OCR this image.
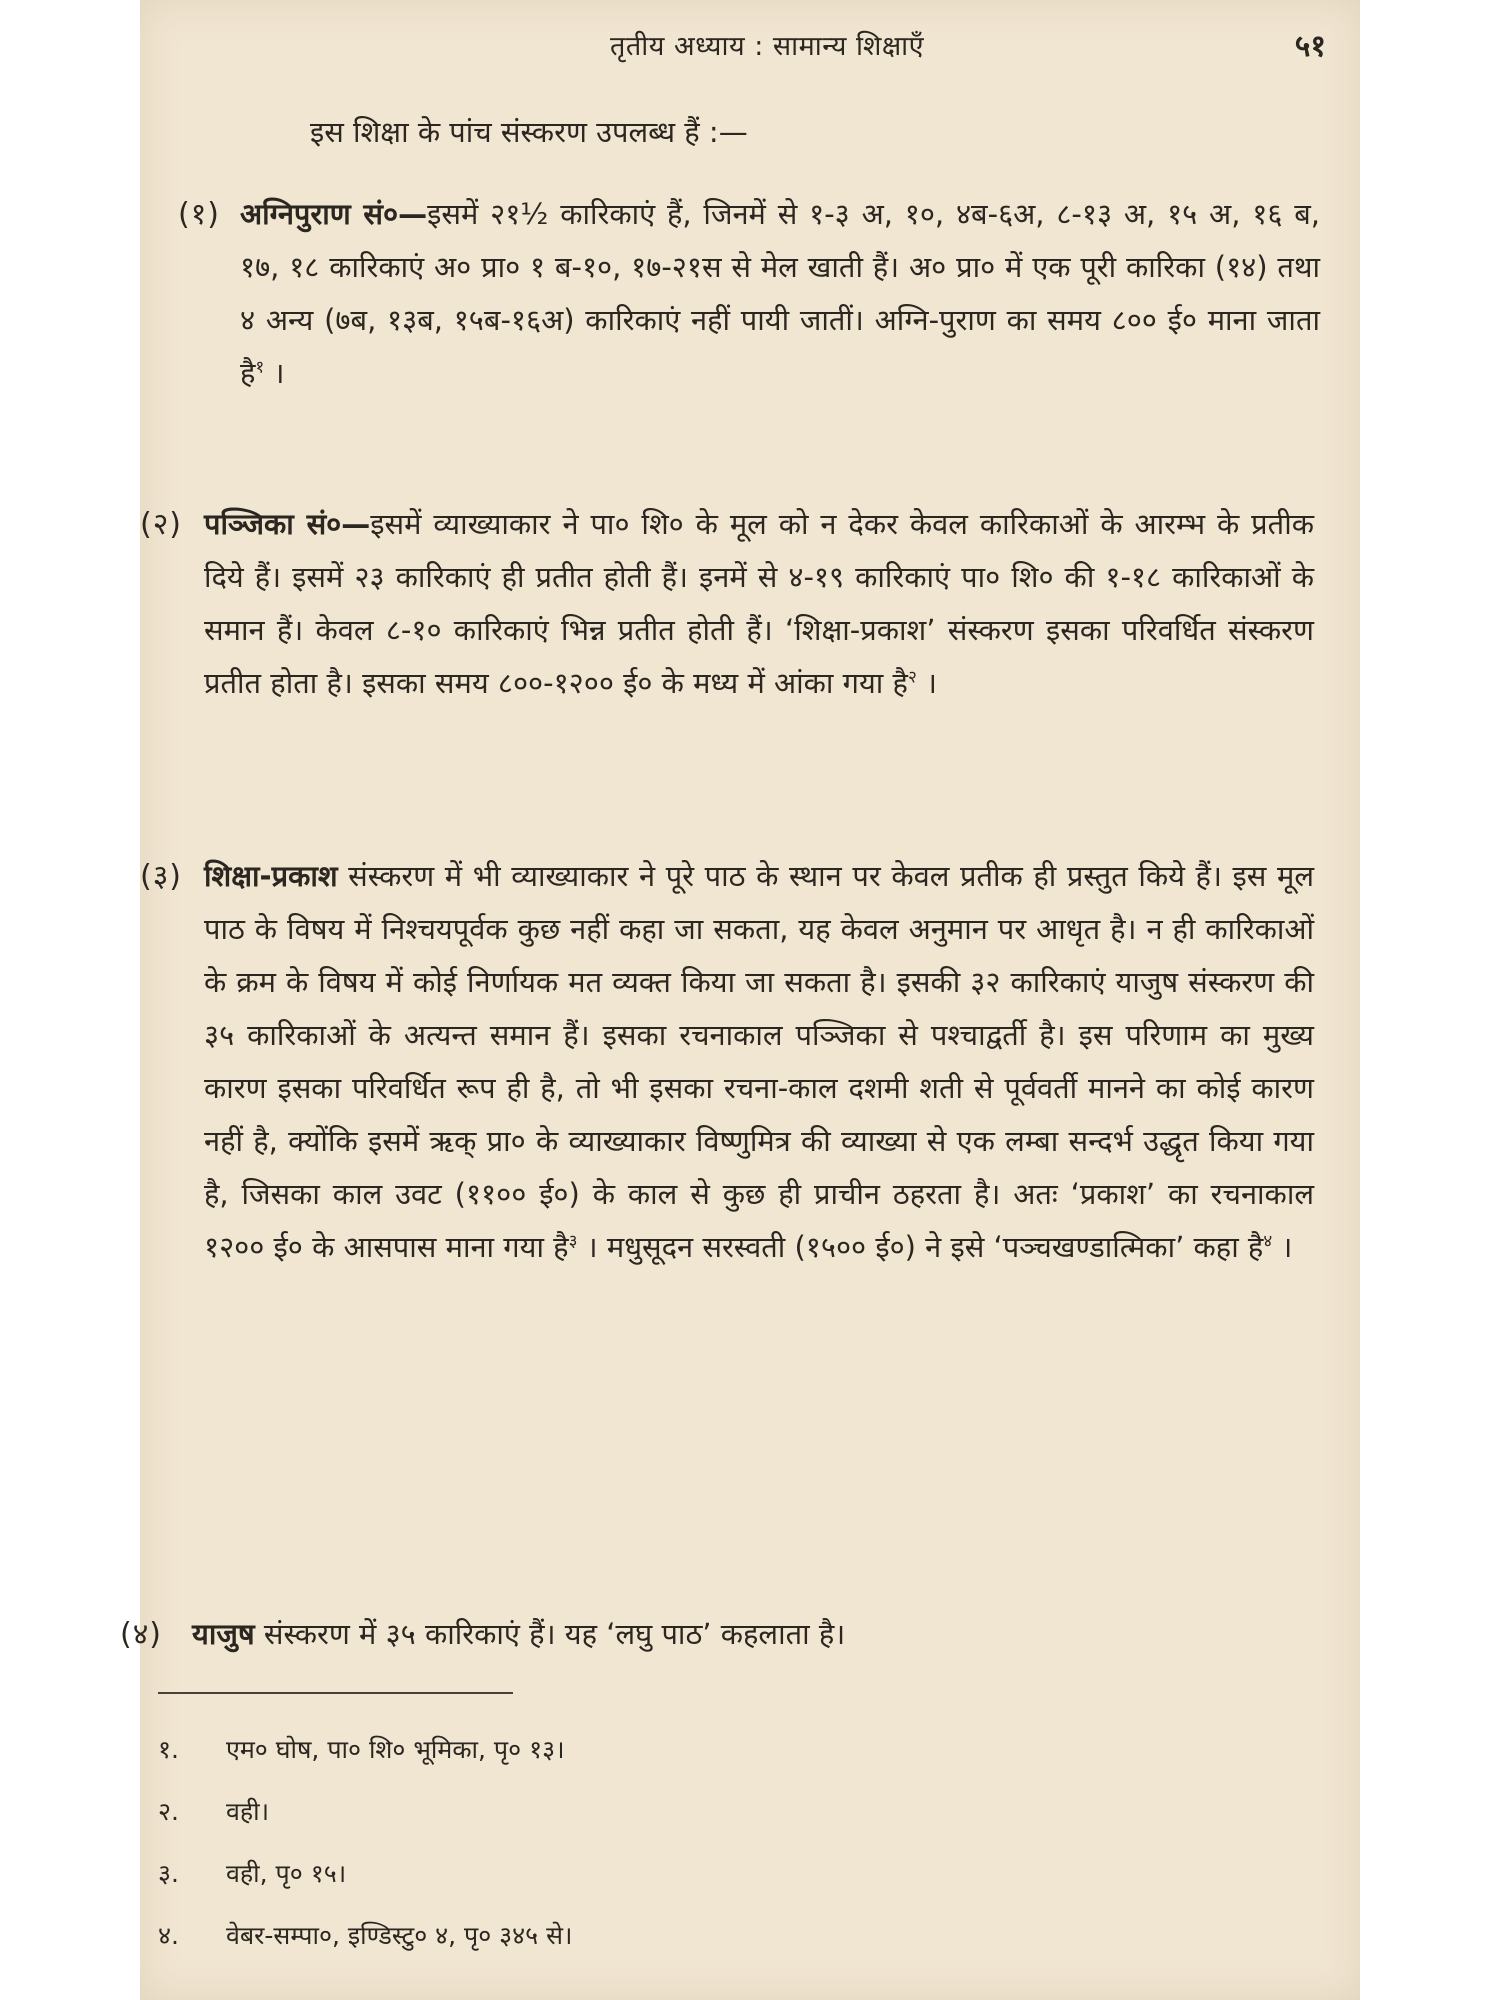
तृतीय अध्याय : सामान्य शिक्षाएँ	५१
इस शिक्षा के पांच संस्करण उपलब्ध हैं :—
(१) अग्निपुराण सं०—इसमें २१½ कारिकाएं हैं, जिनमें से १-३ अ, १०, ४ब-६अ, ८-१३ अ, १५ अ, १६ ब, १७, १८ कारिकाएं अ० प्रा० १ ब-१०, १७-२१स से मेल खाती हैं। अ० प्रा० में एक पूरी कारिका (१४) तथा ४ अन्य (७ब, १३ब, १५ब-१६अ) कारिकाएं नहीं पायी जातीं। अग्नि-पुराण का समय ८०० ई० माना जाता है$^१$ ।
(२) पञ्जिका सं०—इसमें व्याख्याकार ने पा० शि० के मूल को न देकर केवल कारिकाओं के आरम्भ के प्रतीक दिये हैं। इसमें २३ कारिकाएं ही प्रतीत होती हैं। इनमें से ४-१९ कारिकाएं पा० शि० की १-१८ कारिकाओं के समान हैं। केवल ८-१० कारिकाएं भिन्न प्रतीत होती हैं। ‘शिक्षा-प्रकाश’ संस्करण इसका परिवर्धित संस्करण प्रतीत होता है। इसका समय ८००-१२०० ई० के मध्य में आंका गया है$^२$ ।
(३) शिक्षा-प्रकाश संस्करण में भी व्याख्याकार ने पूरे पाठ के स्थान पर केवल प्रतीक ही प्रस्तुत किये हैं। इस मूल पाठ के विषय में निश्चयपूर्वक कुछ नहीं कहा जा सकता, यह केवल अनुमान पर आधृत है। न ही कारिकाओं के क्रम के विषय में कोई निर्णायक मत व्यक्त किया जा सकता है। इसकी ३२ कारिकाएं याजुष संस्करण की ३५ कारिकाओं के अत्यन्त समान हैं। इसका रचनाकाल पञ्जिका से पश्चाद्वर्ती है। इस परिणाम का मुख्य कारण इसका परिवर्धित रूप ही है, तो भी इसका रचना-काल दशमी शती से पूर्ववर्ती मानने का कोई कारण नहीं है, क्योंकि इसमें ऋक् प्रा० के व्याख्याकार विष्णुमित्र की व्याख्या से एक लम्बा सन्दर्भ उद्धृत किया गया है, जिसका काल उवट (११०० ई०) के काल से कुछ ही प्राचीन ठहरता है। अतः ‘प्रकाश’ का रचनाकाल १२०० ई० के आसपास माना गया है$^३$ । मधुसूदन सरस्वती (१५०० ई०) ने इसे ‘पञ्चखण्डात्मिका’ कहा है$^४$ ।
(४) याजुष संस्करण में ३५ कारिकाएं हैं। यह ‘लघु पाठ’ कहलाता है।
१. एम० घोष, पा० शि० भूमिका, पृ० १३।
२. वही।
३. वही, पृ० १५।
४. वेबर-सम्पा०, इण्डिस्टु० ४, पृ० ३४५ से।
